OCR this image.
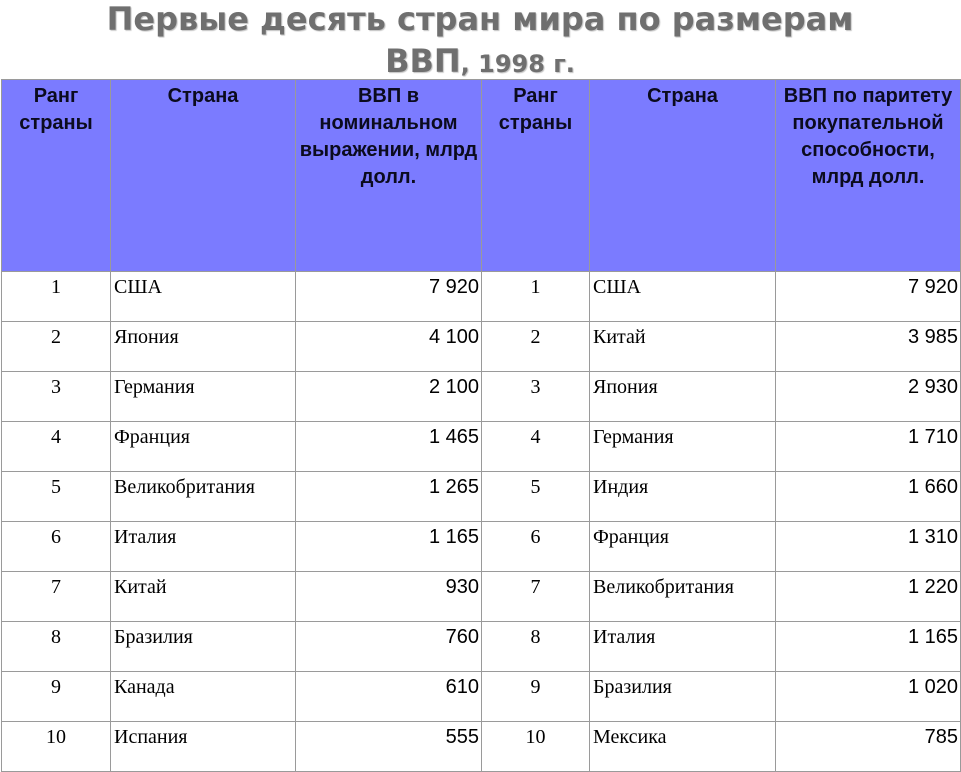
Первые десять стран мира по размерам
ВВП, 1998 г.
Ранг страны	Страна	ВВП в номинальном выражении, млрд долл.	Ранг страны	Страна	ВВП по паритету покупательной способности, млрд долл.
1	США	7 920	1	США	7 920
2	Япония	4 100	2	Китай	3 985
3	Германия	2 100	3	Япония	2 930
4	Франция	1 465	4	Германия	1 710
5	Великобритания	1 265	5	Индия	1 660
6	Италия	1 165	6	Франция	1 310
7	Китай	930	7	Великобритания	1 220
8	Бразилия	760	8	Италия	1 165
9	Канада	610	9	Бразилия	1 020
10	Испания	555	10	Мексика	785
